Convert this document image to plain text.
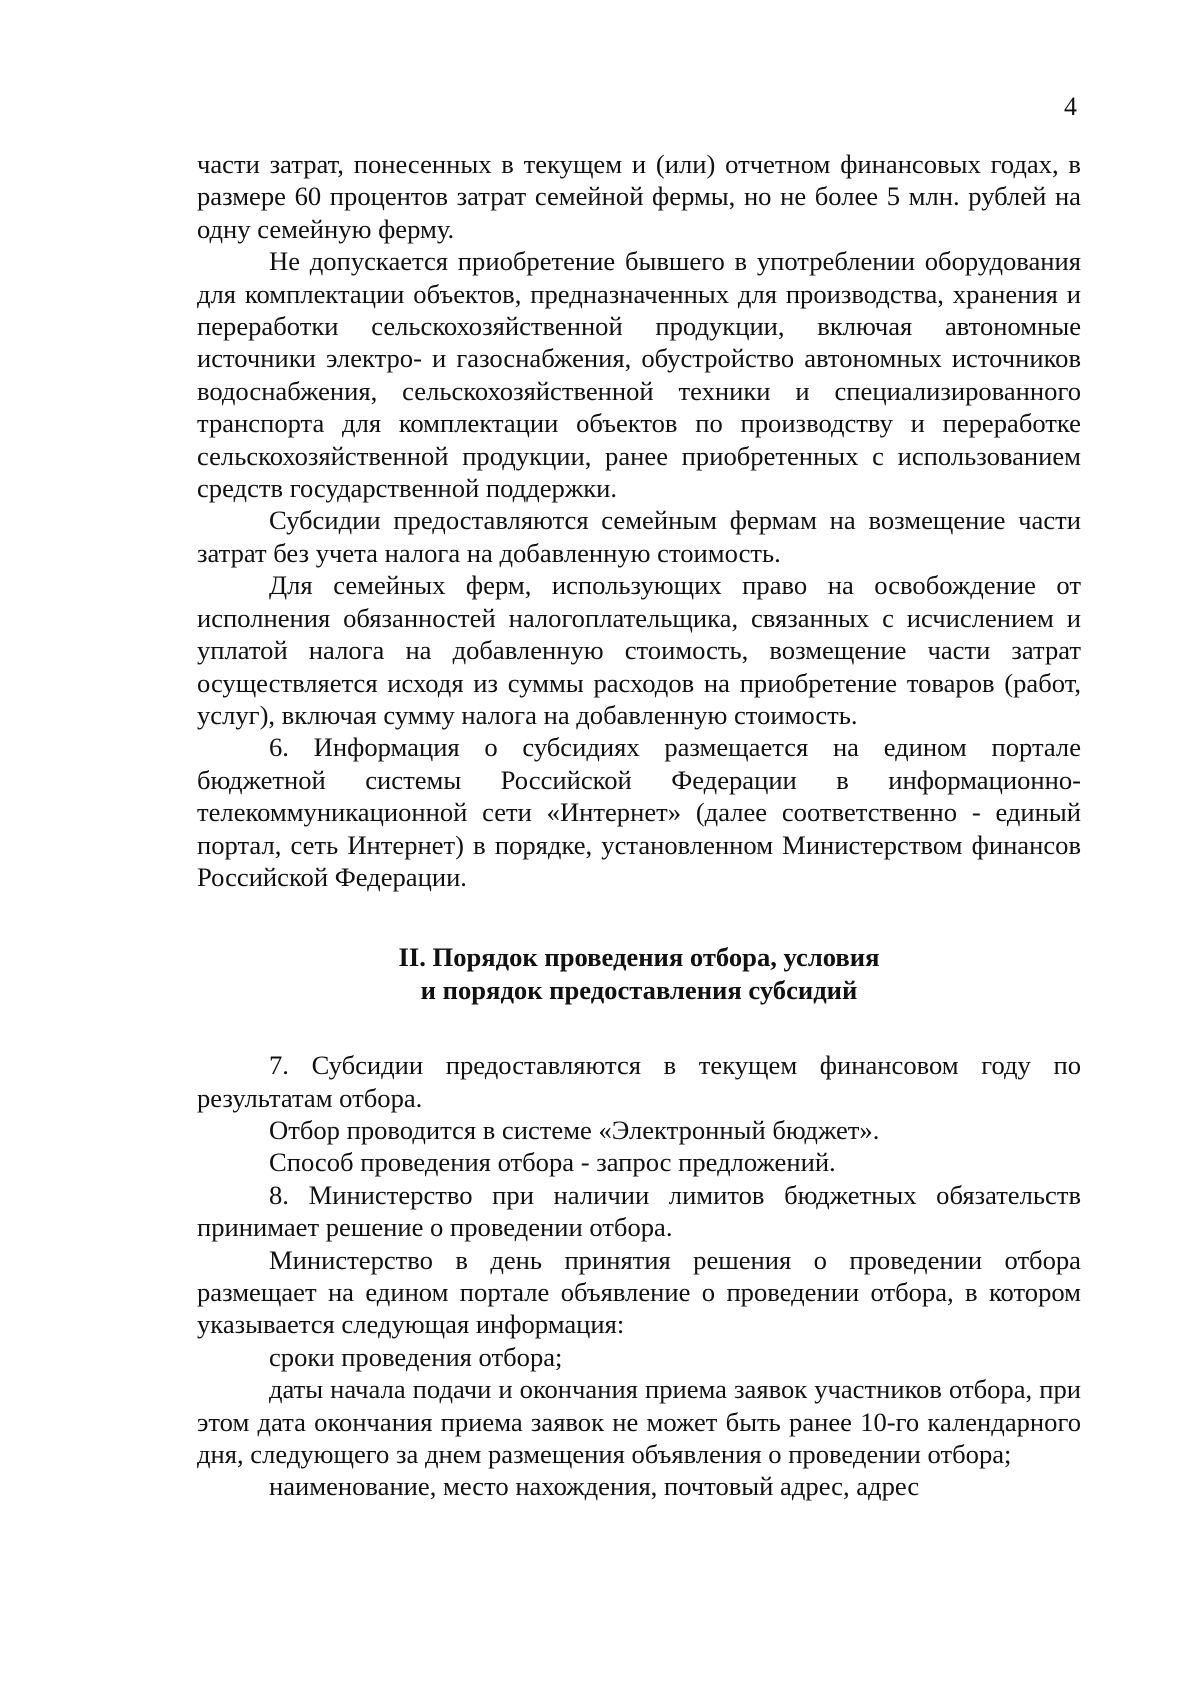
4

части затрат, понесенных в текущем и (или) отчетном финансовых годах, в размере 60 процентов затрат семейной фермы, но не более 5 млн. рублей на одну семейную ферму.

Не допускается приобретение бывшего в употреблении оборудования для комплектации объектов, предназначенных для производства, хранения и переработки сельскохозяйственной продукции, включая автономные источники электро- и газоснабжения, обустройство автономных источников водоснабжения, сельскохозяйственной техники и специализированного транспорта для комплектации объектов по производству и переработке сельскохозяйственной продукции, ранее приобретенных с использованием средств государственной поддержки.

Субсидии предоставляются семейным фермам на возмещение части затрат без учета налога на добавленную стоимость.

Для семейных ферм, использующих право на освобождение от исполнения обязанностей налогоплательщика, связанных с исчислением и уплатой налога на добавленную стоимость, возмещение части затрат осуществляется исходя из суммы расходов на приобретение товаров (работ, услуг), включая сумму налога на добавленную стоимость.

6. Информация о субсидиях размещается на едином портале бюджетной системы Российской Федерации в информационно-телекоммуникационной сети «Интернет» (далее соответственно - единый портал, сеть Интернет) в порядке, установленном Министерством финансов Российской Федерации.

II. Порядок проведения отбора, условия
и порядок предоставления субсидий

7. Субсидии предоставляются в текущем финансовом году по результатам отбора.

Отбор проводится в системе «Электронный бюджет».

Способ проведения отбора - запрос предложений.

8. Министерство при наличии лимитов бюджетных обязательств принимает решение о проведении отбора.

Министерство в день принятия решения о проведении отбора размещает на едином портале объявление о проведении отбора, в котором указывается следующая информация:

сроки проведения отбора;

даты начала подачи и окончания приема заявок участников отбора, при этом дата окончания приема заявок не может быть ранее 10-го календарного дня, следующего за днем размещения объявления о проведении отбора;

наименование, место нахождения, почтовый адрес, адрес
